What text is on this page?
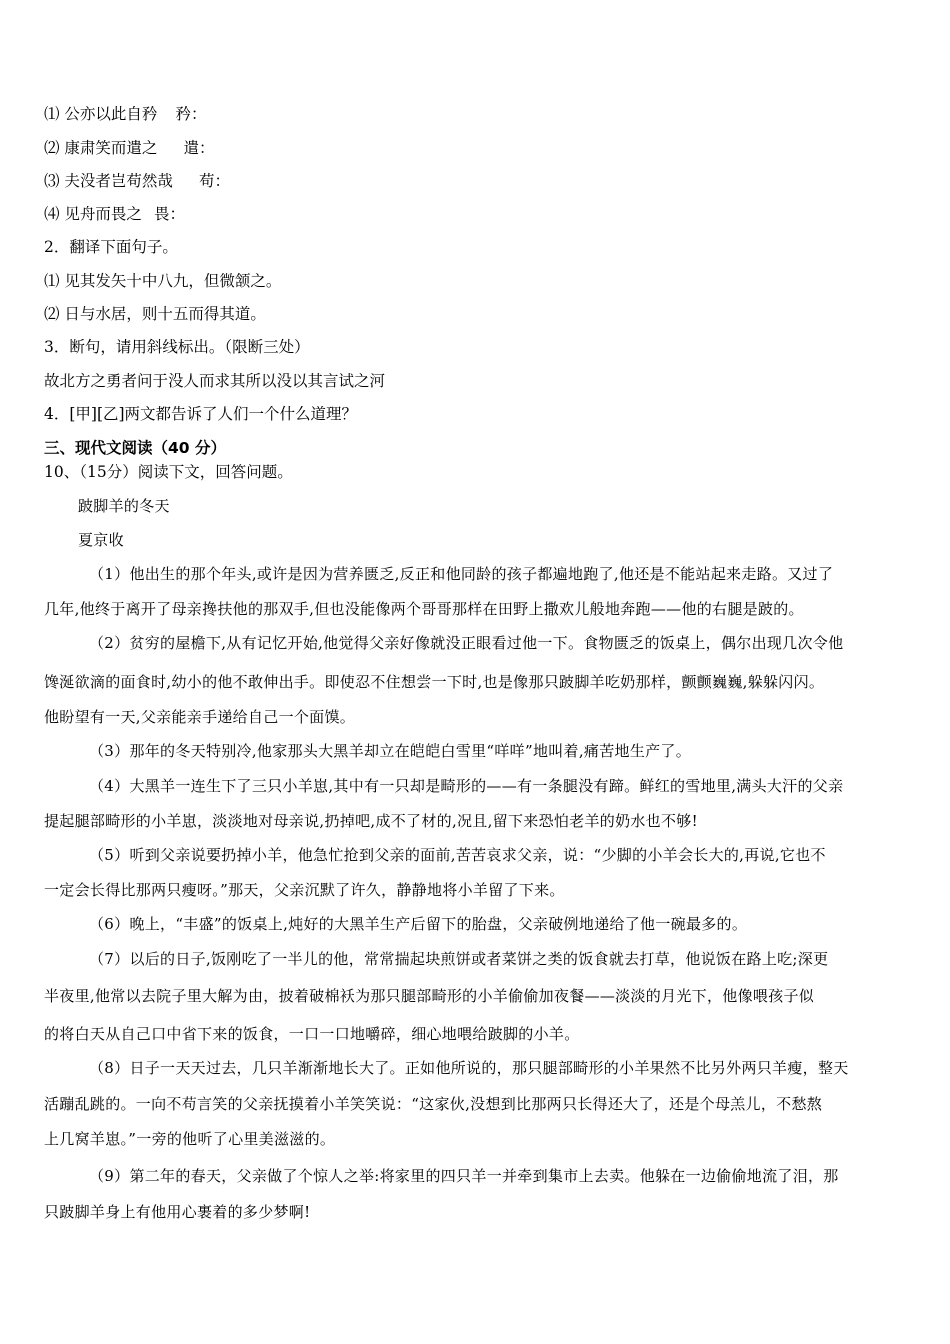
⑴ 公亦以此自矜 矜：
⑵ 康肃笑而遣之 遣：
⑶ 夫没者岂苟然哉 苟：
⑷ 见舟而畏之 畏：
2．翻译下面句子。
⑴ 见其发矢十中八九，但微颔之。
⑵ 日与水居，则十五而得其道。
3．断句，请用斜线标出。（限断三处）
故北方之勇者问于没人而求其所以没以其言试之河
4．[甲][乙]两文都告诉了人们一个什么道理？
三、现代文阅读（40 分）
10、（15分）阅读下文，回答问题。
跛脚羊的冬天
夏京收
（1）他出生的那个年头,或许是因为营养匮乏,反正和他同龄的孩子都遍地跑了,他还是不能站起来走路。又过了
几年,他终于离开了母亲搀扶他的那双手,但也没能像两个哥哥那样在田野上撒欢儿般地奔跑——他的右腿是跛的。
（2）贫穷的屋檐下,从有记忆开始,他觉得父亲好像就没正眼看过他一下。食物匮乏的饭桌上，偶尔出现几次令他
馋涎欲滴的面食时,幼小的他不敢伸出手。即使忍不住想尝一下时,也是像那只跛脚羊吃奶那样，颤颤巍巍,躲躲闪闪。
他盼望有一天,父亲能亲手递给自己一个面馍。
（3）那年的冬天特别冷,他家那头大黑羊却立在皑皑白雪里“咩咩”地叫着,痛苦地生产了。
（4）大黑羊一连生下了三只小羊崽,其中有一只却是畸形的——有一条腿没有蹄。鲜红的雪地里,满头大汗的父亲
提起腿部畸形的小羊崽，淡淡地对母亲说,扔掉吧,成不了材的,况且,留下来恐怕老羊的奶水也不够!
（5）听到父亲说要扔掉小羊，他急忙抢到父亲的面前,苦苦哀求父亲，说：“少脚的小羊会长大的,再说,它也不
一定会长得比那两只瘦呀。”那天，父亲沉默了许久，静静地将小羊留了下来。
（6）晚上，“丰盛”的饭桌上,炖好的大黑羊生产后留下的胎盘，父亲破例地递给了他一碗最多的。
（7）以后的日子,饭刚吃了一半儿的他，常常揣起块煎饼或者菜饼之类的饭食就去打草，他说饭在路上吃;深更
半夜里,他常以去院子里大解为由，披着破棉袄为那只腿部畸形的小羊偷偷加夜餐——淡淡的月光下，他像喂孩子似
的将白天从自己口中省下来的饭食，一口一口地嚼碎，细心地喂给跛脚的小羊。
（8）日子一天天过去，几只羊渐渐地长大了。正如他所说的，那只腿部畸形的小羊果然不比另外两只羊瘦，整天
活蹦乱跳的。一向不苟言笑的父亲抚摸着小羊笑笑说：“这家伙,没想到比那两只长得还大了，还是个母羔儿，不愁熬
上几窝羊崽。”一旁的他听了心里美滋滋的。
（9）第二年的春天，父亲做了个惊人之举:将家里的四只羊一并牵到集市上去卖。他躲在一边偷偷地流了泪，那
只跛脚羊身上有他用心裹着的多少梦啊!
